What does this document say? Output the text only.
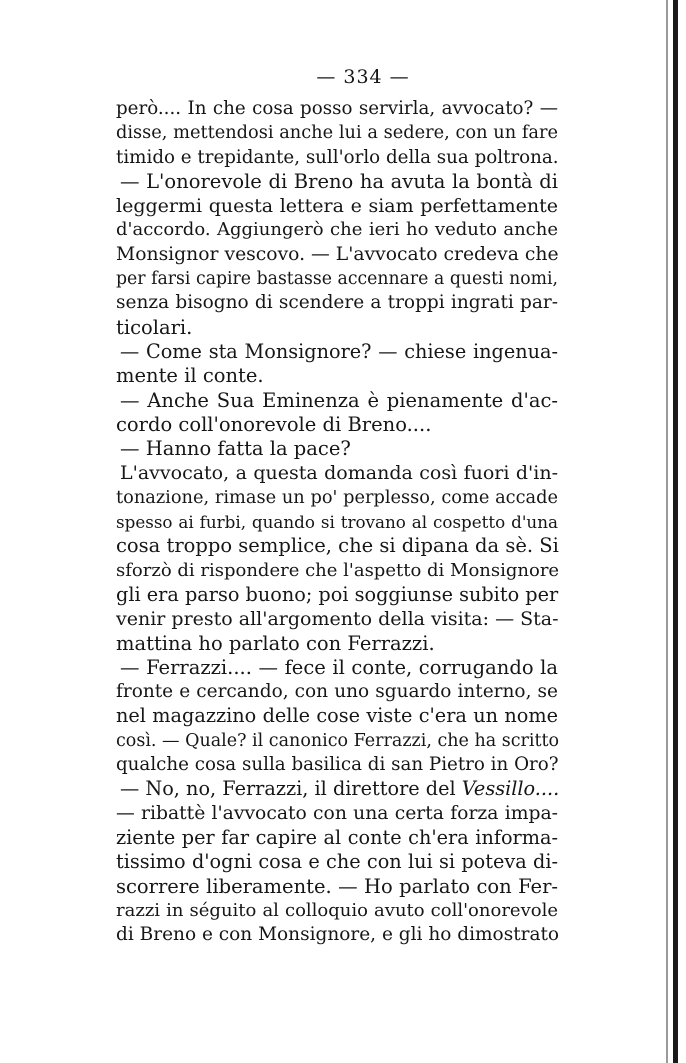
— 334 —
però.... In che cosa posso servirla, avvocato? —
disse, mettendosi anche lui a sedere, con un fare
timido e trepidante, sull'orlo della sua poltrona.
— L'onorevole di Breno ha avuta la bontà di
leggermi questa lettera e siam perfettamente
d'accordo. Aggiungerò che ieri ho veduto anche
Monsignor vescovo. — L'avvocato credeva che
per farsi capire bastasse accennare a questi nomi,
senza bisogno di scendere a troppi ingrati par-
ticolari.
— Come sta Monsignore? — chiese ingenua-
mente il conte.
— Anche Sua Eminenza è pienamente d'ac-
cordo coll'onorevole di Breno....
— Hanno fatta la pace?
L'avvocato, a questa domanda così fuori d'in-
tonazione, rimase un po' perplesso, come accade
spesso ai furbi, quando si trovano al cospetto d'una
cosa troppo semplice, che si dipana da sè. Si
sforzò di rispondere che l'aspetto di Monsignore
gli era parso buono; poi soggiunse subito per
venir presto all'argomento della visita: — Sta-
mattina ho parlato con Ferrazzi.
— Ferrazzi.... — fece il conte, corrugando la
fronte e cercando, con uno sguardo interno, se
nel magazzino delle cose viste c'era un nome
così. — Quale? il canonico Ferrazzi, che ha scritto
qualche cosa sulla basilica di san Pietro in Oro?
— No, no, Ferrazzi, il direttore del Vessillo....
— ribattè l'avvocato con una certa forza impa-
ziente per far capire al conte ch'era informa-
tissimo d'ogni cosa e che con lui si poteva di-
scorrere liberamente. — Ho parlato con Fer-
razzi in séguito al colloquio avuto coll'onorevole
di Breno e con Monsignore, e gli ho dimostrato
